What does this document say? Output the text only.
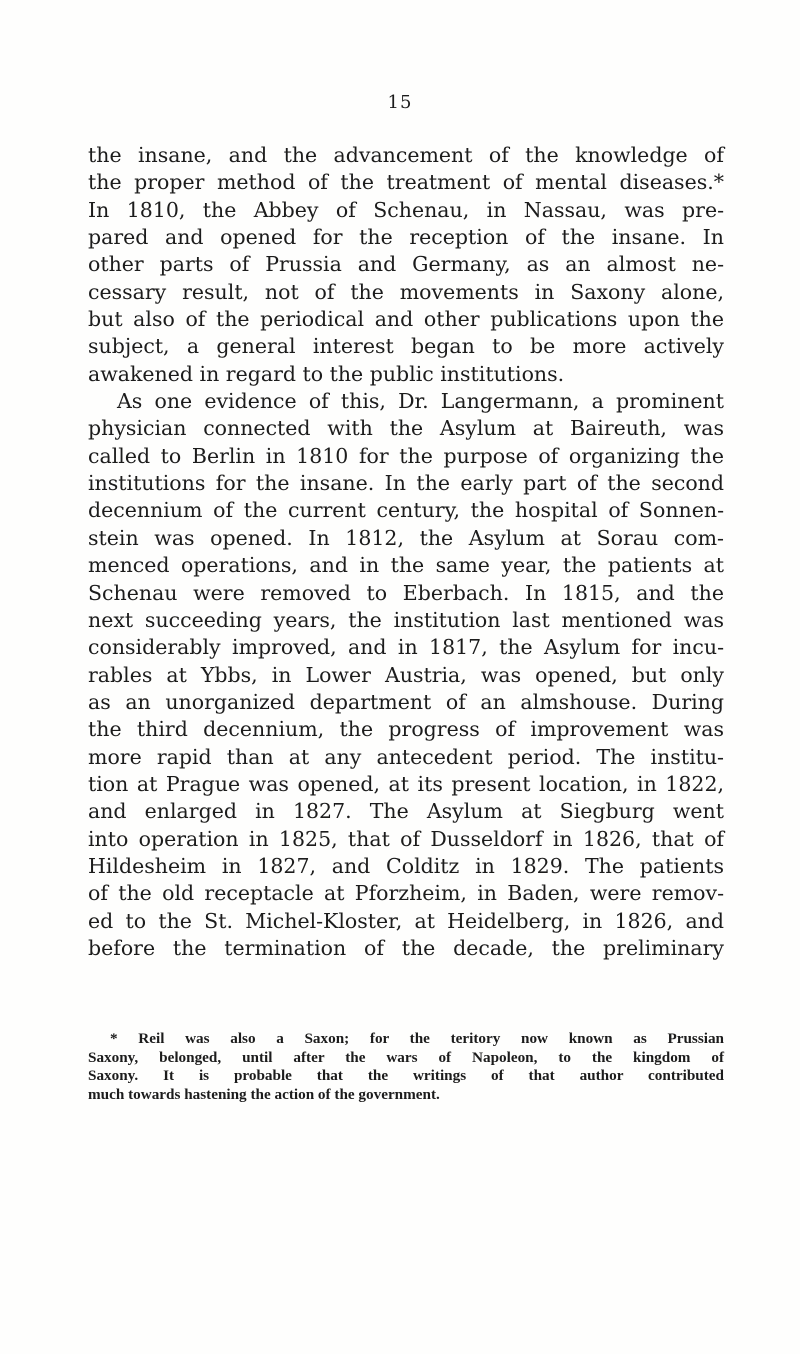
15
the insane, and the advancement of the knowledge of
the proper method of the treatment of mental diseases.*
In 1810, the Abbey of Schenau, in Nassau, was pre-
pared and opened for the reception of the insane. In
other parts of Prussia and Germany, as an almost ne-
cessary result, not of the movements in Saxony alone,
but also of the periodical and other publications upon the
subject, a general interest began to be more actively
awakened in regard to the public institutions.
As one evidence of this, Dr. Langermann, a prominent
physician connected with the Asylum at Baireuth, was
called to Berlin in 1810 for the purpose of organizing the
institutions for the insane. In the early part of the second
decennium of the current century, the hospital of Sonnen-
stein was opened. In 1812, the Asylum at Sorau com-
menced operations, and in the same year, the patients at
Schenau were removed to Eberbach. In 1815, and the
next succeeding years, the institution last mentioned was
considerably improved, and in 1817, the Asylum for incu-
rables at Ybbs, in Lower Austria, was opened, but only
as an unorganized department of an almshouse. During
the third decennium, the progress of improvement was
more rapid than at any antecedent period. The institu-
tion at Prague was opened, at its present location, in 1822,
and enlarged in 1827. The Asylum at Siegburg went
into operation in 1825, that of Dusseldorf in 1826, that of
Hildesheim in 1827, and Colditz in 1829. The patients
of the old receptacle at Pforzheim, in Baden, were remov-
ed to the St. Michel-Kloster, at Heidelberg, in 1826, and
before the termination of the decade, the preliminary
* Reil was also a Saxon; for the teritory now known as Prussian
Saxony, belonged, until after the wars of Napoleon, to the kingdom of
Saxony. It is probable that the writings of that author contributed
much towards hastening the action of the government.
